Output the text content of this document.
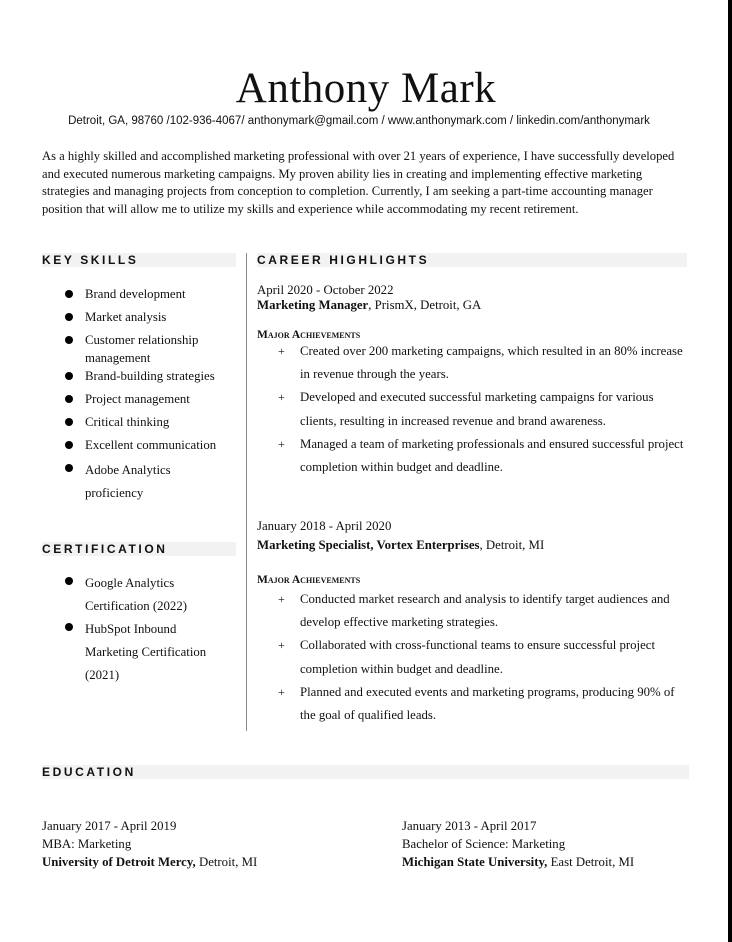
Anthony Mark
Detroit, GA, 98760 /102-936-4067/ anthonymark@gmail.com / www.anthonymark.com / linkedin.com/anthonymark
As a highly skilled and accomplished marketing professional with over 21 years of experience, I have successfully developed and executed numerous marketing campaigns. My proven ability lies in creating and implementing effective marketing strategies and managing projects from conception to completion. Currently, I am seeking a part-time accounting manager position that will allow me to utilize my skills and experience while accommodating my recent retirement.
KEY SKILLS
Brand development
Market analysis
Customer relationship management
Brand-building strategies
Project management
Critical thinking
Excellent communication
Adobe Analytics proficiency
CERTIFICATION
Google Analytics Certification (2022)
HubSpot Inbound Marketing Certification (2021)
CAREER HIGHLIGHTS
April 2020 - October 2022
Marketing Manager, PrismX, Detroit, GA
Major Achievements
+ Created over 200 marketing campaigns, which resulted in an 80% increase in revenue through the years.
+ Developed and executed successful marketing campaigns for various clients, resulting in increased revenue and brand awareness.
+ Managed a team of marketing professionals and ensured successful project completion within budget and deadline.
January 2018 - April 2020
Marketing Specialist, Vortex Enterprises, Detroit, MI
Major Achievements
+ Conducted market research and analysis to identify target audiences and develop effective marketing strategies.
+ Collaborated with cross-functional teams to ensure successful project completion within budget and deadline.
+ Planned and executed events and marketing programs, producing 90% of the goal of qualified leads.
EDUCATION
January 2017 - April 2019
MBA: Marketing
University of Detroit Mercy, Detroit, MI
January 2013 - April 2017
Bachelor of Science: Marketing
Michigan State University, East Detroit, MI
